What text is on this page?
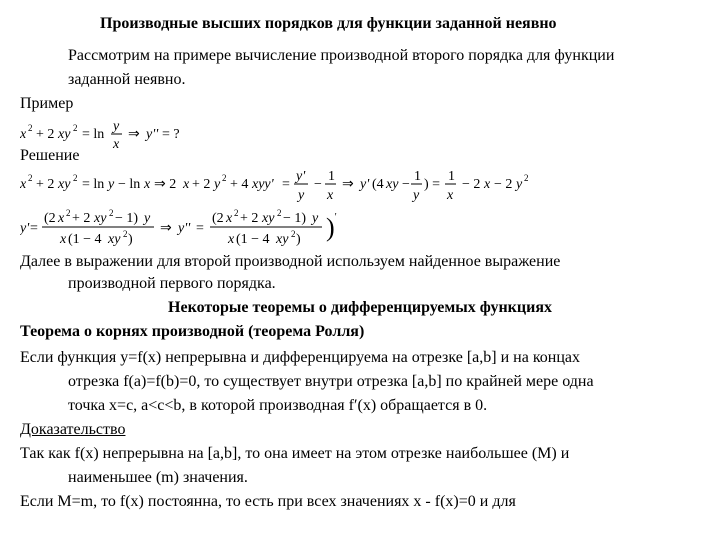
Производные высших порядков для функции заданной неявно
Рассмотрим на примере вычисление производной второго порядка для функции
заданной неявно.
Пример
x 2 + 2 xy 2 = ln
y
x
⇒ y'' = ?
Решение
x 2 + 2 xy 2 = ln y − ln x ⇒ 2 x + 2 y 2 + 4 xyy' =
y'
y
−
1
x
⇒ y' (4 xy −
1
y
) =
1
x
− 2 x − 2 y 2
y' =
(2 x 2 + 2 xy 2 − 1) y
x (1 − 4 xy 2 )
⇒ y'' =
(2 x 2 + 2 xy 2 − 1) y
x (1 − 4 xy 2 ) ) '
Далее в выражении для второй производной используем найденное выражение
производной первого порядка.
Некоторые теоремы о дифференцируемых функциях
Теорема о корнях производной (теорема Ролля)
Если функция y=f(x) непрерывна и дифференцируема на отрезке [a,b] и на концах
отрезка f(a)=f(b)=0, то существует внутри отрезка [a,b] по крайней мере одна
точка x=c, a<c<b, в которой производная f′(x) обращается в 0.
Доказательство
Так как f(x) непрерывна на [a,b], то она имеет на этом отрезке наибольшее (M) и
наименьшее (m) значения.
Если M=m, то f(x) постоянна, то есть при всех значениях x - f(x)=0 и для
